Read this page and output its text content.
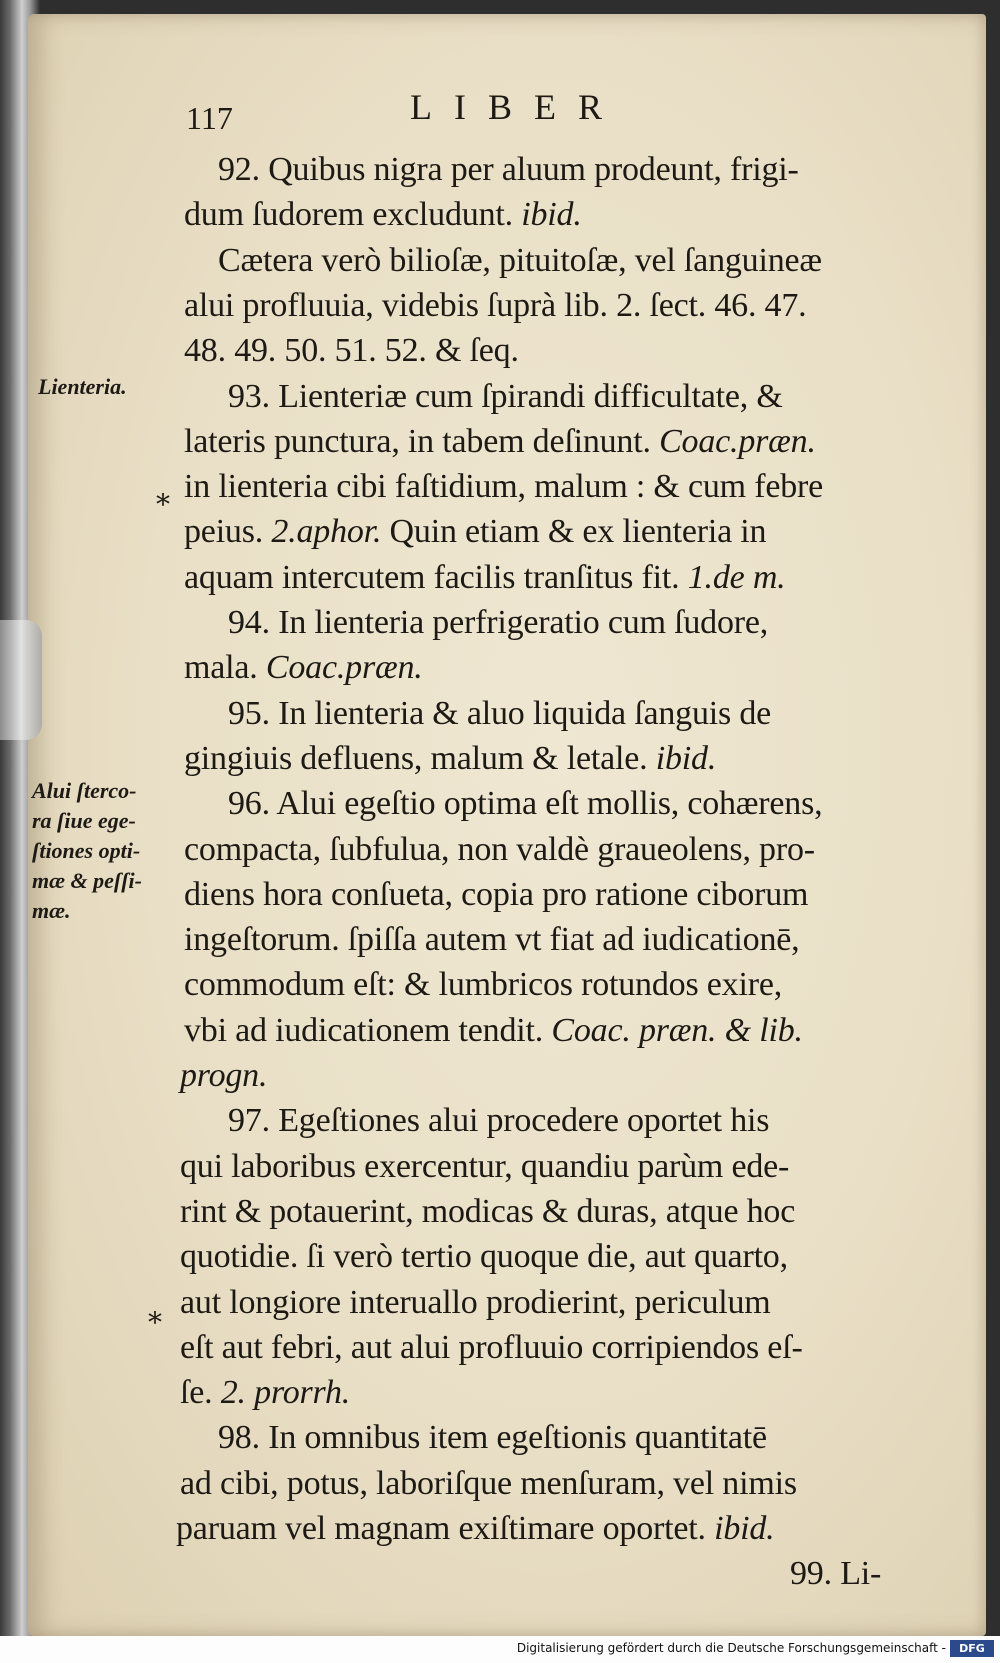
117	LIBER

92. Quibus nigra per aluum prodeunt, frigi-

dum ſudorem excludunt. ibid.

Cætera verò bilioſæ, pituitoſæ, vel ſanguineæ

alui profluuia, videbis ſuprà lib. 2. ſect. 46. 47.

48. 49. 50. 51. 52. & ſeq.

93. Lienteriæ cum ſpirandi difficultate, &

lateris punctura, in tabem deſinunt. Coac.præn.

in lienteria cibi faſtidium, malum : & cum febre

peius. 2.aphor. Quin etiam & ex lienteria in

aquam intercutem facilis tranſitus fit. 1.de m.

94. In lienteria perfrigeratio cum ſudore,

mala. Coac.præn.

95. In lienteria & aluo liquida ſanguis de

gingiuis defluens, malum & letale. ibid.

96. Alui egeſtio optima eſt mollis, cohærens,

compacta, ſubfulua, non valdè graueolens, pro-

diens hora conſueta, copia pro ratione ciborum

ingeſtorum. ſpiſſa autem vt fiat ad iudicationē,

commodum eſt: & lumbricos rotundos exire,

vbi ad iudicationem tendit. Coac. præn. & lib.

progn.

97. Egeſtiones alui procedere oportet his

qui laboribus exercentur, quandiu parùm ede-

rint & potauerint, modicas & duras, atque hoc

quotidie. ſi verò tertio quoque die, aut quarto,

aut longiore interuallo prodierint, periculum

eſt aut febri, aut alui profluuio corripiendos eſ-

ſe. 2. prorrh.

98. In omnibus item egeſtionis quantitatē

ad cibi, potus, laboriſque menſuram, vel nimis

paruam vel magnam exiſtimare oportet. ibid.

99. Li-

Lienteria.
Alui ſterco-
ra ſiue ege-
ſtiones opti-
mæ & peſſi-
mæ.
*
*
Digitalisierung gefördert durch die Deutsche Forschungsgemeinschaft -	DFG
